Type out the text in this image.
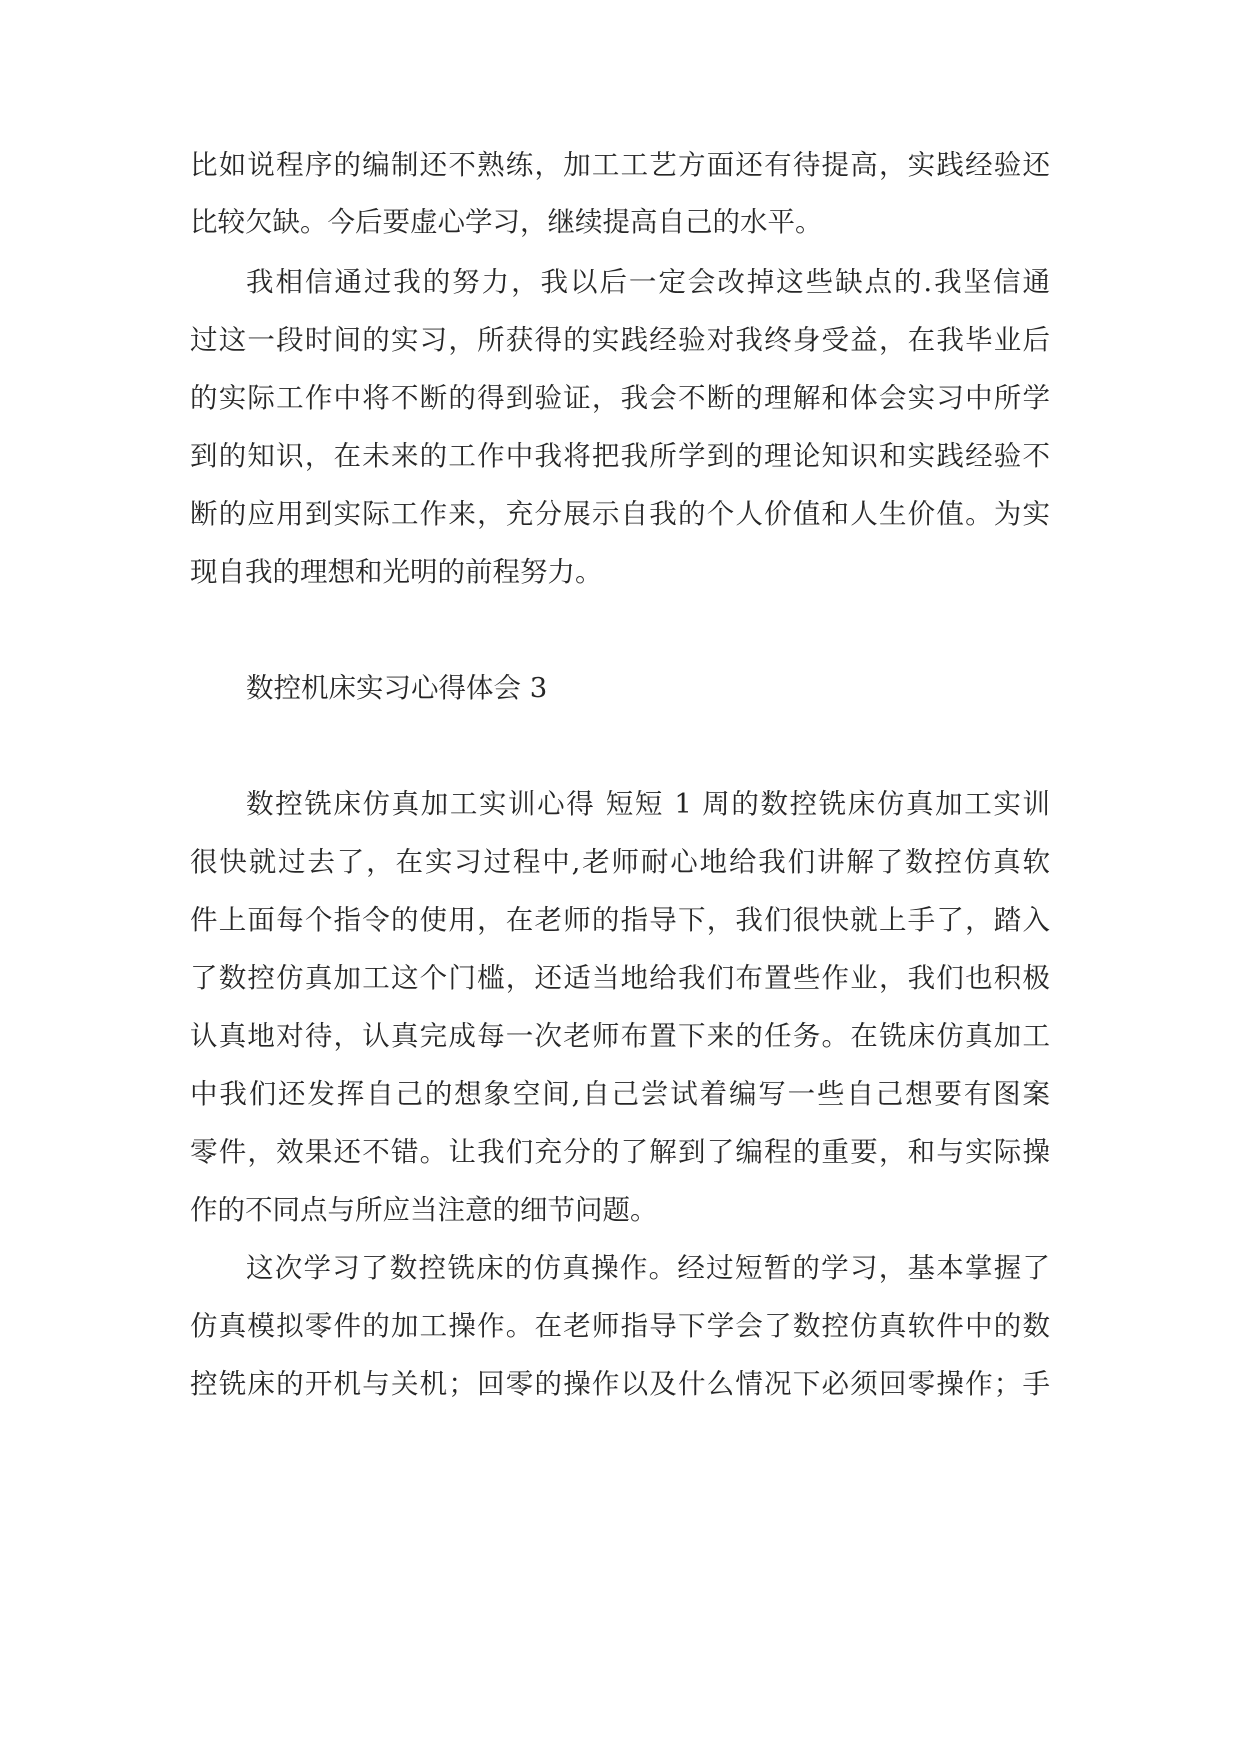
比如说程序的编制还不熟练，加工工艺方面还有待提高，实践经验还

比较欠缺。今后要虚心学习，继续提高自己的水平。

我相信通过我的努力，我以后一定会改掉这些缺点的.我坚信通

过这一段时间的实习，所获得的实践经验对我终身受益，在我毕业后

的实际工作中将不断的得到验证，我会不断的理解和体会实习中所学

到的知识，在未来的工作中我将把我所学到的理论知识和实践经验不

断的应用到实际工作来，充分展示自我的个人价值和人生价值。为实

现自我的理想和光明的前程努力。

数控机床实习心得体会 3

数控铣床仿真加工实训心得 短短 1 周的数控铣床仿真加工实训

很快就过去了，在实习过程中,老师耐心地给我们讲解了数控仿真软

件上面每个指令的使用，在老师的指导下，我们很快就上手了，踏入

了数控仿真加工这个门槛，还适当地给我们布置些作业，我们也积极

认真地对待，认真完成每一次老师布置下来的任务。在铣床仿真加工

中我们还发挥自己的想象空间,自己尝试着编写一些自己想要有图案

零件，效果还不错。让我们充分的了解到了编程的重要，和与实际操

作的不同点与所应当注意的细节问题。

这次学习了数控铣床的仿真操作。经过短暂的学习，基本掌握了

仿真模拟零件的加工操作。在老师指导下学会了数控仿真软件中的数

控铣床的开机与关机；回零的操作以及什么情况下必须回零操作；手
